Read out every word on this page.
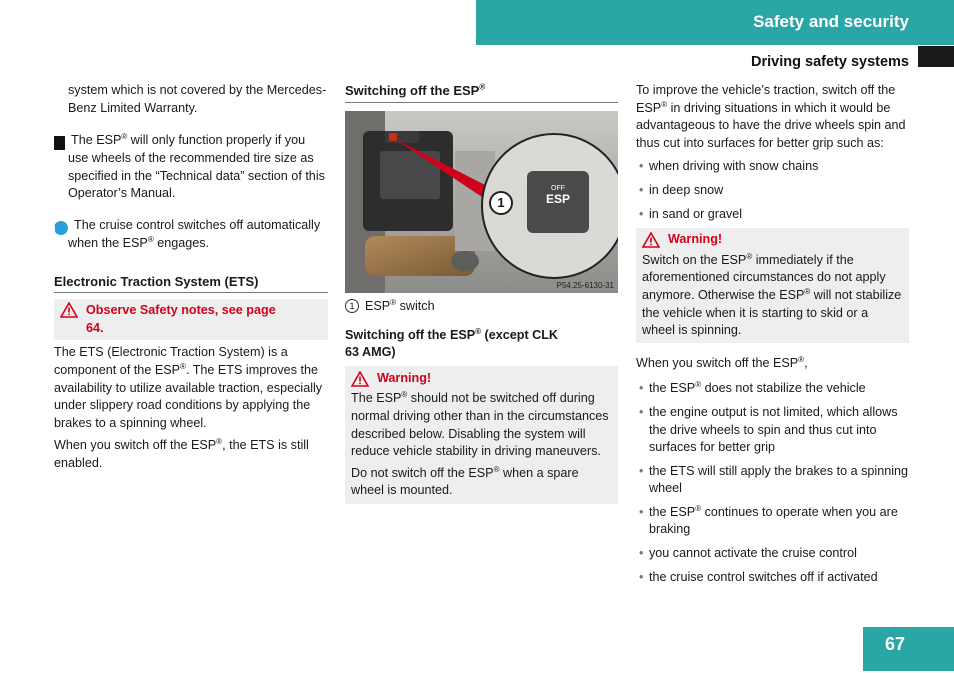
Safety and security
Driving safety systems

system which is not covered by the Mercedes-Benz Limited Warranty.

! The ESP® will only function properly if you use wheels of the recommended tire size as specified in the “Technical data” section of this Operator’s Manual.

i The cruise control switches off automatically when the ESP® engages.

Electronic Traction System (ETS)
Observe Safety notes, see page 64.

The ETS (Electronic Traction System) is a component of the ESP®. The ETS improves the availability to utilize available traction, especially under slippery road conditions by applying the brakes to a spinning wheel.

When you switch off the ESP®, the ETS is still enabled.

Switching off the ESP®
OFF
ESP
1
P54.25-6130-31

1 ESP® switch

Switching off the ESP® (except CLK 63 AMG)

Warning!

The ESP® should not be switched off during normal driving other than in the circumstances described below. Disabling the system will reduce vehicle stability in driving maneuvers.

Do not switch off the ESP® when a spare wheel is mounted.

To improve the vehicle’s traction, switch off the ESP® in driving situations in which it would be advantageous to have the drive wheels spin and thus cut into surfaces for better grip such as:

• when driving with snow chains

• in deep snow

• in sand or gravel

Warning!

Switch on the ESP® immediately if the aforementioned circumstances do not apply anymore. Otherwise the ESP® will not stabilize the vehicle when it is starting to skid or a wheel is spinning.

When you switch off the ESP®,

• the ESP® does not stabilize the vehicle

• the engine output is not limited, which allows the drive wheels to spin and thus cut into surfaces for better grip

• the ETS will still apply the brakes to a spinning wheel

• the ESP® continues to operate when you are braking

• you cannot activate the cruise control

• the cruise control switches off if activated

67
